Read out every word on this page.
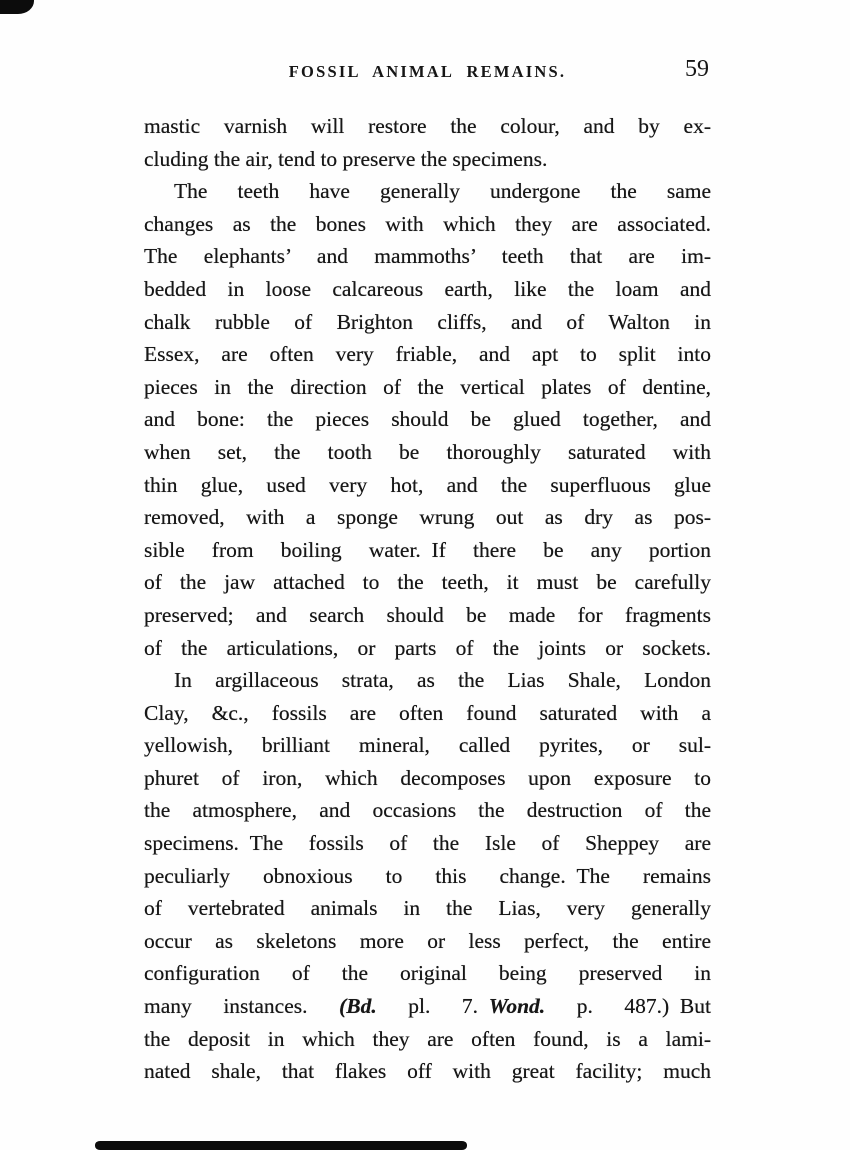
FOSSIL ANIMAL REMAINS.	59
mastic varnish will restore the colour, and by ex-
cluding the air, tend to preserve the specimens.
The teeth have generally undergone the same
changes as the bones with which they are associated.
The elephants’ and mammoths’ teeth that are im-
bedded in loose calcareous earth, like the loam and
chalk rubble of Brighton cliffs, and of Walton in
Essex, are often very friable, and apt to split into
pieces in the direction of the vertical plates of dentine,
and bone: the pieces should be glued together, and
when set, the tooth be thoroughly saturated with
thin glue, used very hot, and the superfluous glue
removed, with a sponge wrung out as dry as pos-
sible from boiling water. If there be any portion
of the jaw attached to the teeth, it must be carefully
preserved; and search should be made for fragments
of the articulations, or parts of the joints or sockets.
In argillaceous strata, as the Lias Shale, London
Clay, &c., fossils are often found saturated with a
yellowish, brilliant mineral, called pyrites, or sul-
phuret of iron, which decomposes upon exposure to
the atmosphere, and occasions the destruction of the
specimens. The fossils of the Isle of Sheppey are
peculiarly obnoxious to this change. The remains
of vertebrated animals in the Lias, very generally
occur as skeletons more or less perfect, the entire
configuration of the original being preserved in
many instances. (Bd. pl. 7. Wond. p. 487.) But
the deposit in which they are often found, is a lami-
nated shale, that flakes off with great facility; much
